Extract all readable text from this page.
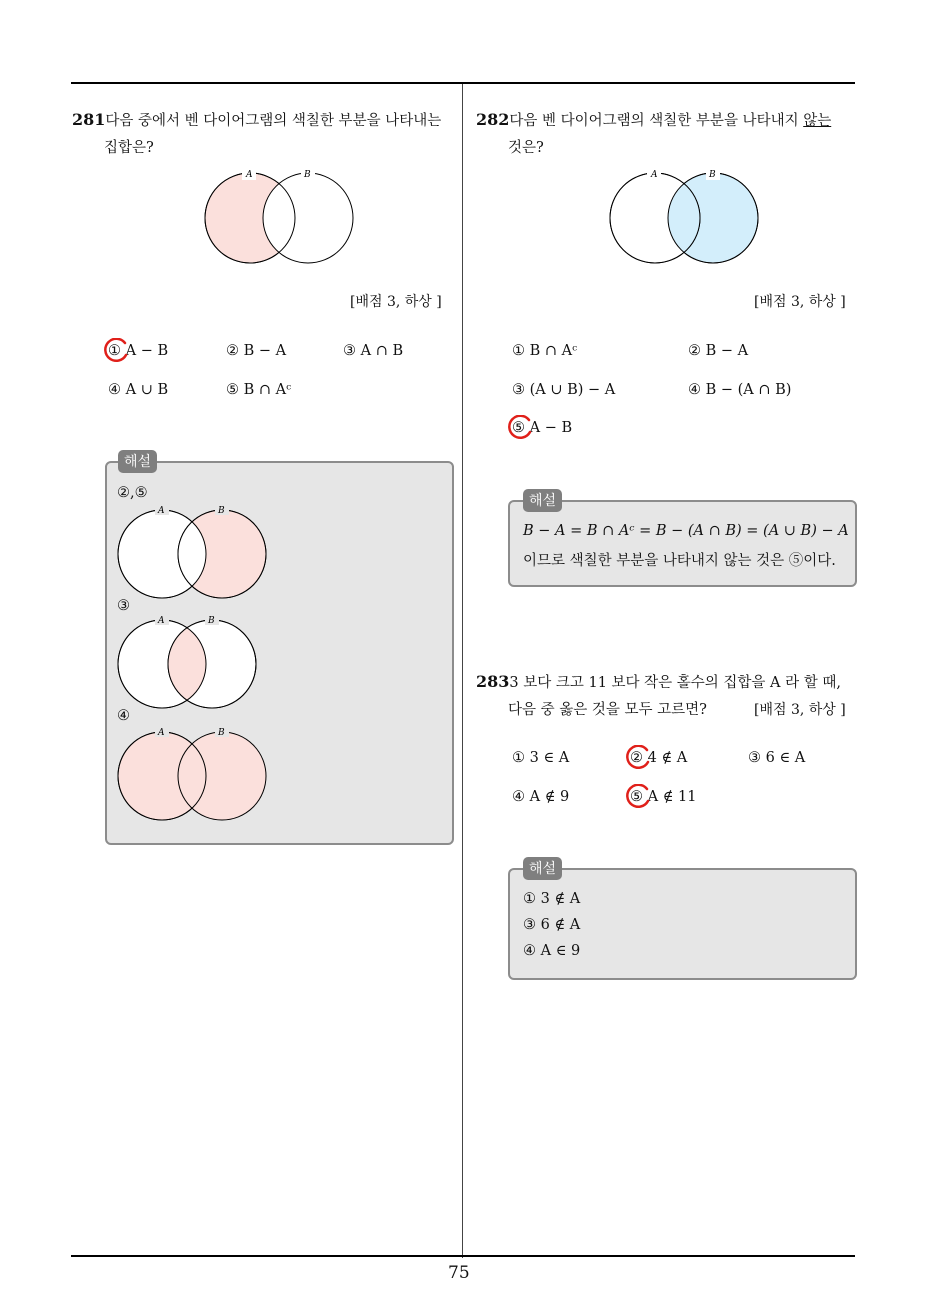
75
281다음 중에서 벤 다이어그램의 색칠한 부분을 나타내는
집합은?
A	B
[배점 3, 하상 ]
① A − B	② B − A	③ A ∩ B
④ A ∪ B	⑤ B ∩ Aᶜ
②,⑤
A	B
③
A	B
④
A	B
해설
282다음 벤 다이어그램의 색칠한 부분을 나타내지 않는
것은?
A	B
[배점 3, 하상 ]
① B ∩ Aᶜ	② B − A
③ (A ∪ B) − A	④ B − (A ∩ B)
⑤ A − B
B − A = B ∩ Aᶜ = B − (A ∩ B) = (A ∪ B) − A
이므로 색칠한 부분을 나타내지 않는 것은 ⑤이다.
해설
2833 보다 크고 11 보다 작은 홀수의 집합을 A 라 할 때,
다음 중 옳은 것을 모두 고르면?	[배점 3, 하상 ]
① 3 ∈ A	② 4 ∉ A	③ 6 ∈ A
④ A ∉ 9	⑤ A ∉ 11
① 3 ∉ A
③ 6 ∉ A
④ A ∈ 9
해설
